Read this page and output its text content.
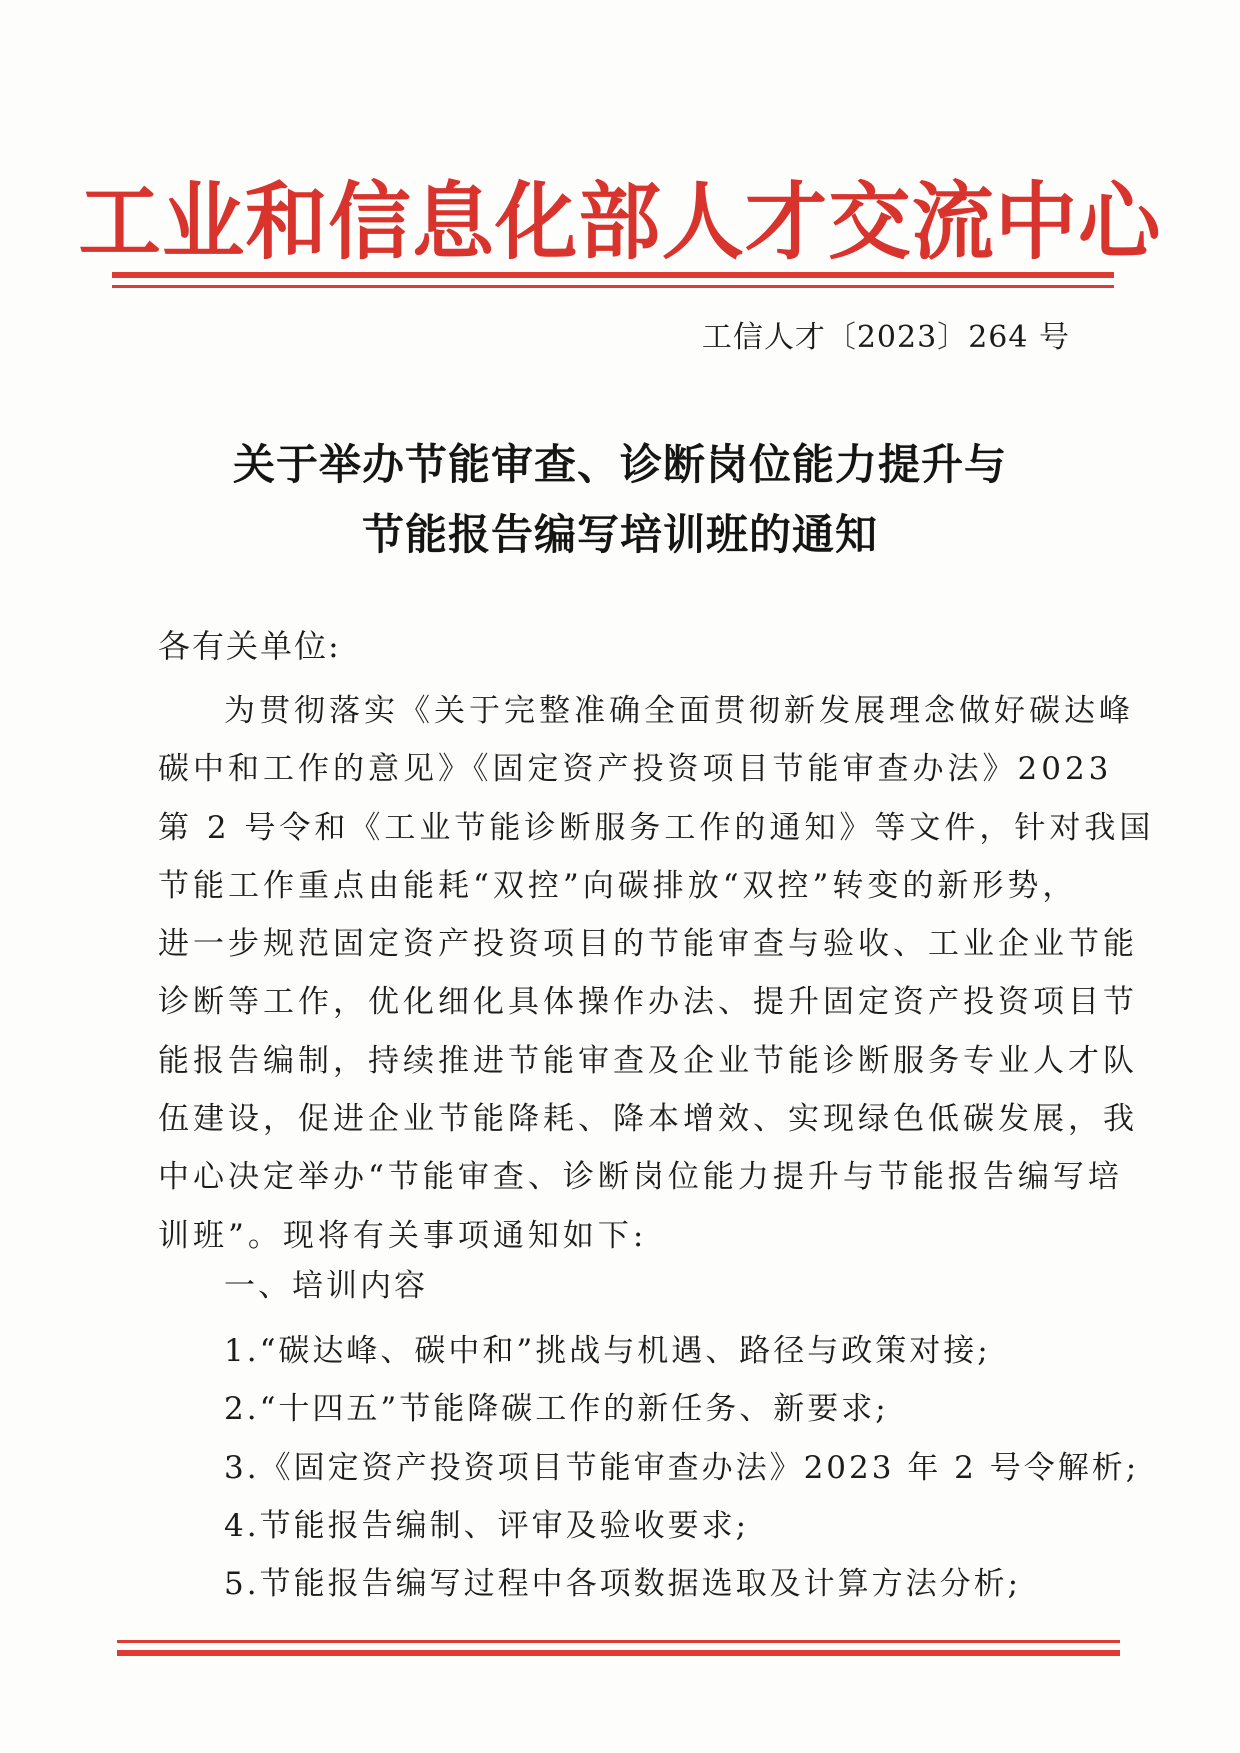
工业和信息化部人才交流中心
工信人才〔2023〕264 号
关于举办节能审查、诊断岗位能力提升与
节能报告编写培训班的通知
各有关单位:
为贯彻落实《关于完整准确全面贯彻新发展理念做好碳达峰
碳中和工作的意见》《固定资产投资项目节能审查办法》2023
第 2 号令和《工业节能诊断服务工作的通知》等文件，针对我国
节能工作重点由能耗“双控”向碳排放“双控”转变的新形势，
进一步规范固定资产投资项目的节能审查与验收、工业企业节能
诊断等工作，优化细化具体操作办法、提升固定资产投资项目节
能报告编制，持续推进节能审查及企业节能诊断服务专业人才队
伍建设，促进企业节能降耗、降本增效、实现绿色低碳发展，我
中心决定举办“节能审查、诊断岗位能力提升与节能报告编写培
训班”。现将有关事项通知如下:
一、培训内容
1.“碳达峰、碳中和”挑战与机遇、路径与政策对接;
2.“十四五”节能降碳工作的新任务、新要求;
3.《固定资产投资项目节能审查办法》2023 年 2 号令解析;
4.节能报告编制、评审及验收要求;
5.节能报告编写过程中各项数据选取及计算方法分析;
